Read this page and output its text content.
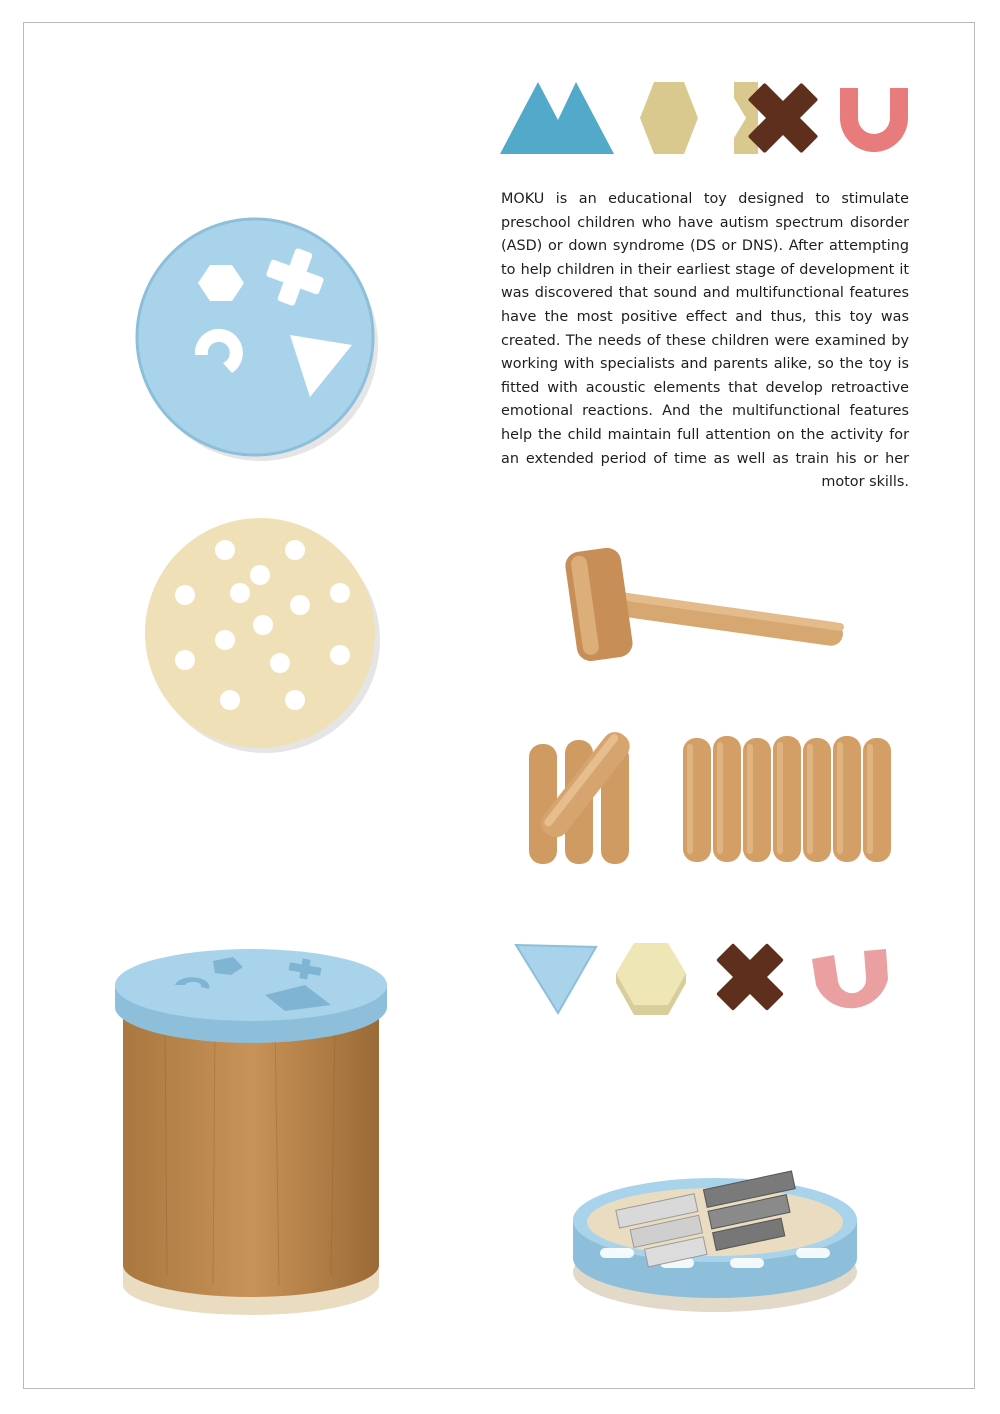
MOKU is an educational toy designed to stimulate preschool children who have autism spectrum disorder (ASD) or down syndrome (DS or DNS). After attempting to help children in their earliest stage of development it was discovered that sound and multifunctional features have the most positive effect and thus, this toy was created. The needs of these children were examined by working with specialists and parents alike, so the toy is fitted with acoustic elements that develop retroactive emotional reactions. And the multifunctional features help the child maintain full attention on the activity for an extended period of time as well as train his or her motor skills.
